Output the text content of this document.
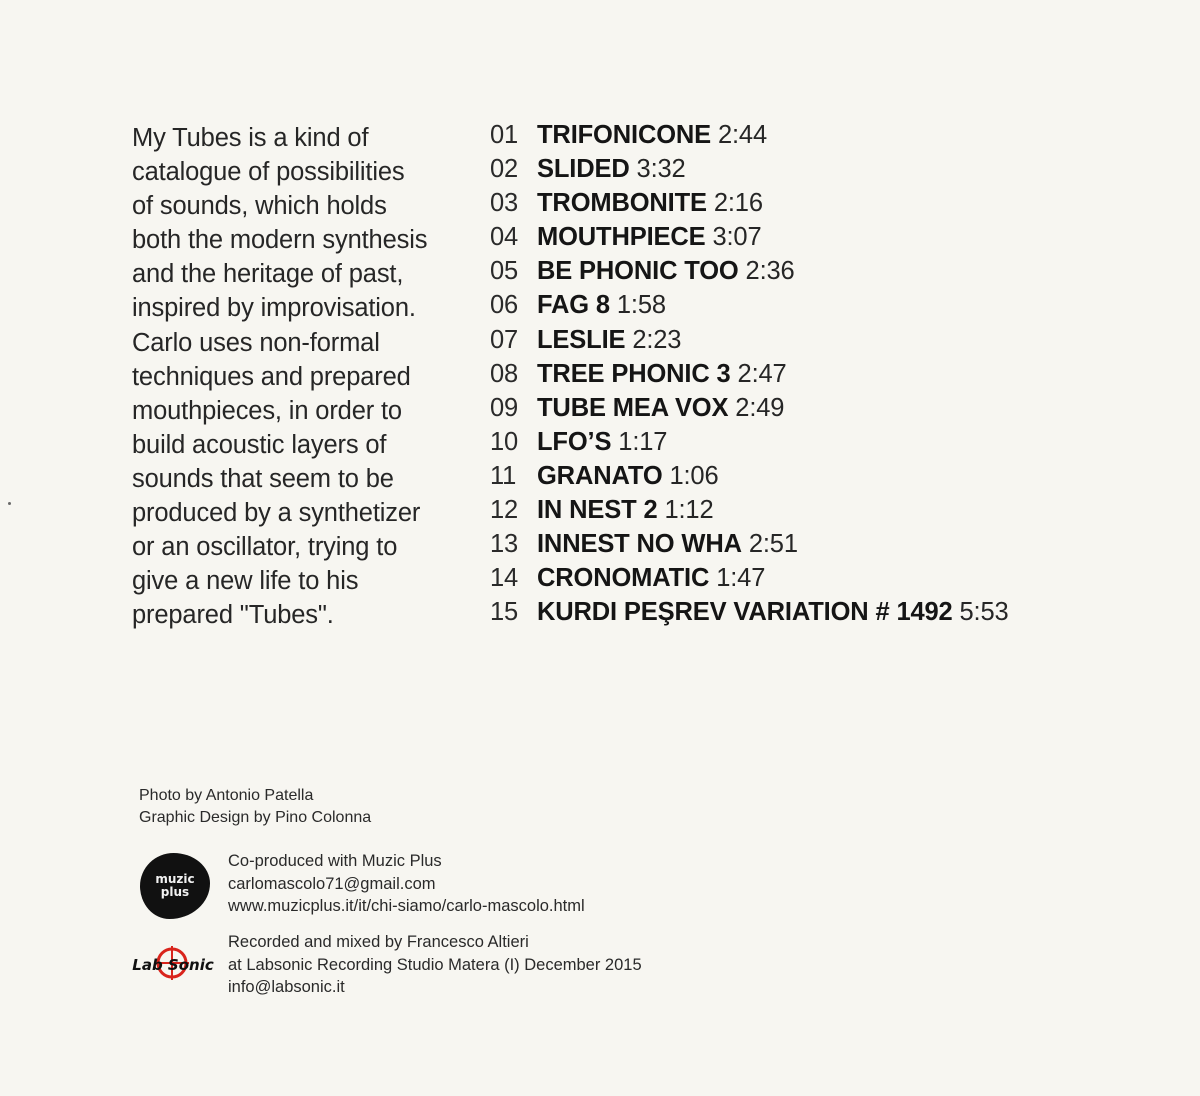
My Tubes is a kind of
catalogue of possibilities
of sounds, which holds
both the modern synthesis
and the heritage of past,
inspired by improvisation.
Carlo uses non-formal
techniques and prepared
mouthpieces, in order to
build acoustic layers of
sounds that seem to be
produced by a synthetizer
or an oscillator, trying to
give a new life to his
prepared "Tubes".
01 TRIFONICONE 2:44
02 SLIDED 3:32
03 TROMBONITE 2:16
04 MOUTHPIECE 3:07
05 BE PHONIC TOO 2:36
06 FAG 8 1:58
07 LESLIE 2:23
08 TREE PHONIC 3 2:47
09 TUBE MEA VOX 2:49
10 LFO’S 1:17
11 GRANATO 1:06
12 IN NEST 2 1:12
13 INNEST NO WHA 2:51
14 CRONOMATIC 1:47
15 KURDI PEŞREV VARIATION # 1492 5:53
Photo by Antonio Patella
Graphic Design by Pino Colonna
muzic
plus
Co-produced with Muzic Plus
carlomascolo71@gmail.com
www.muzicplus.it/it/chi-siamo/carlo-mascolo.html
Lab Sonic
Recorded and mixed by Francesco Altieri
at Labsonic Recording Studio Matera (I) December 2015
info@labsonic.it
